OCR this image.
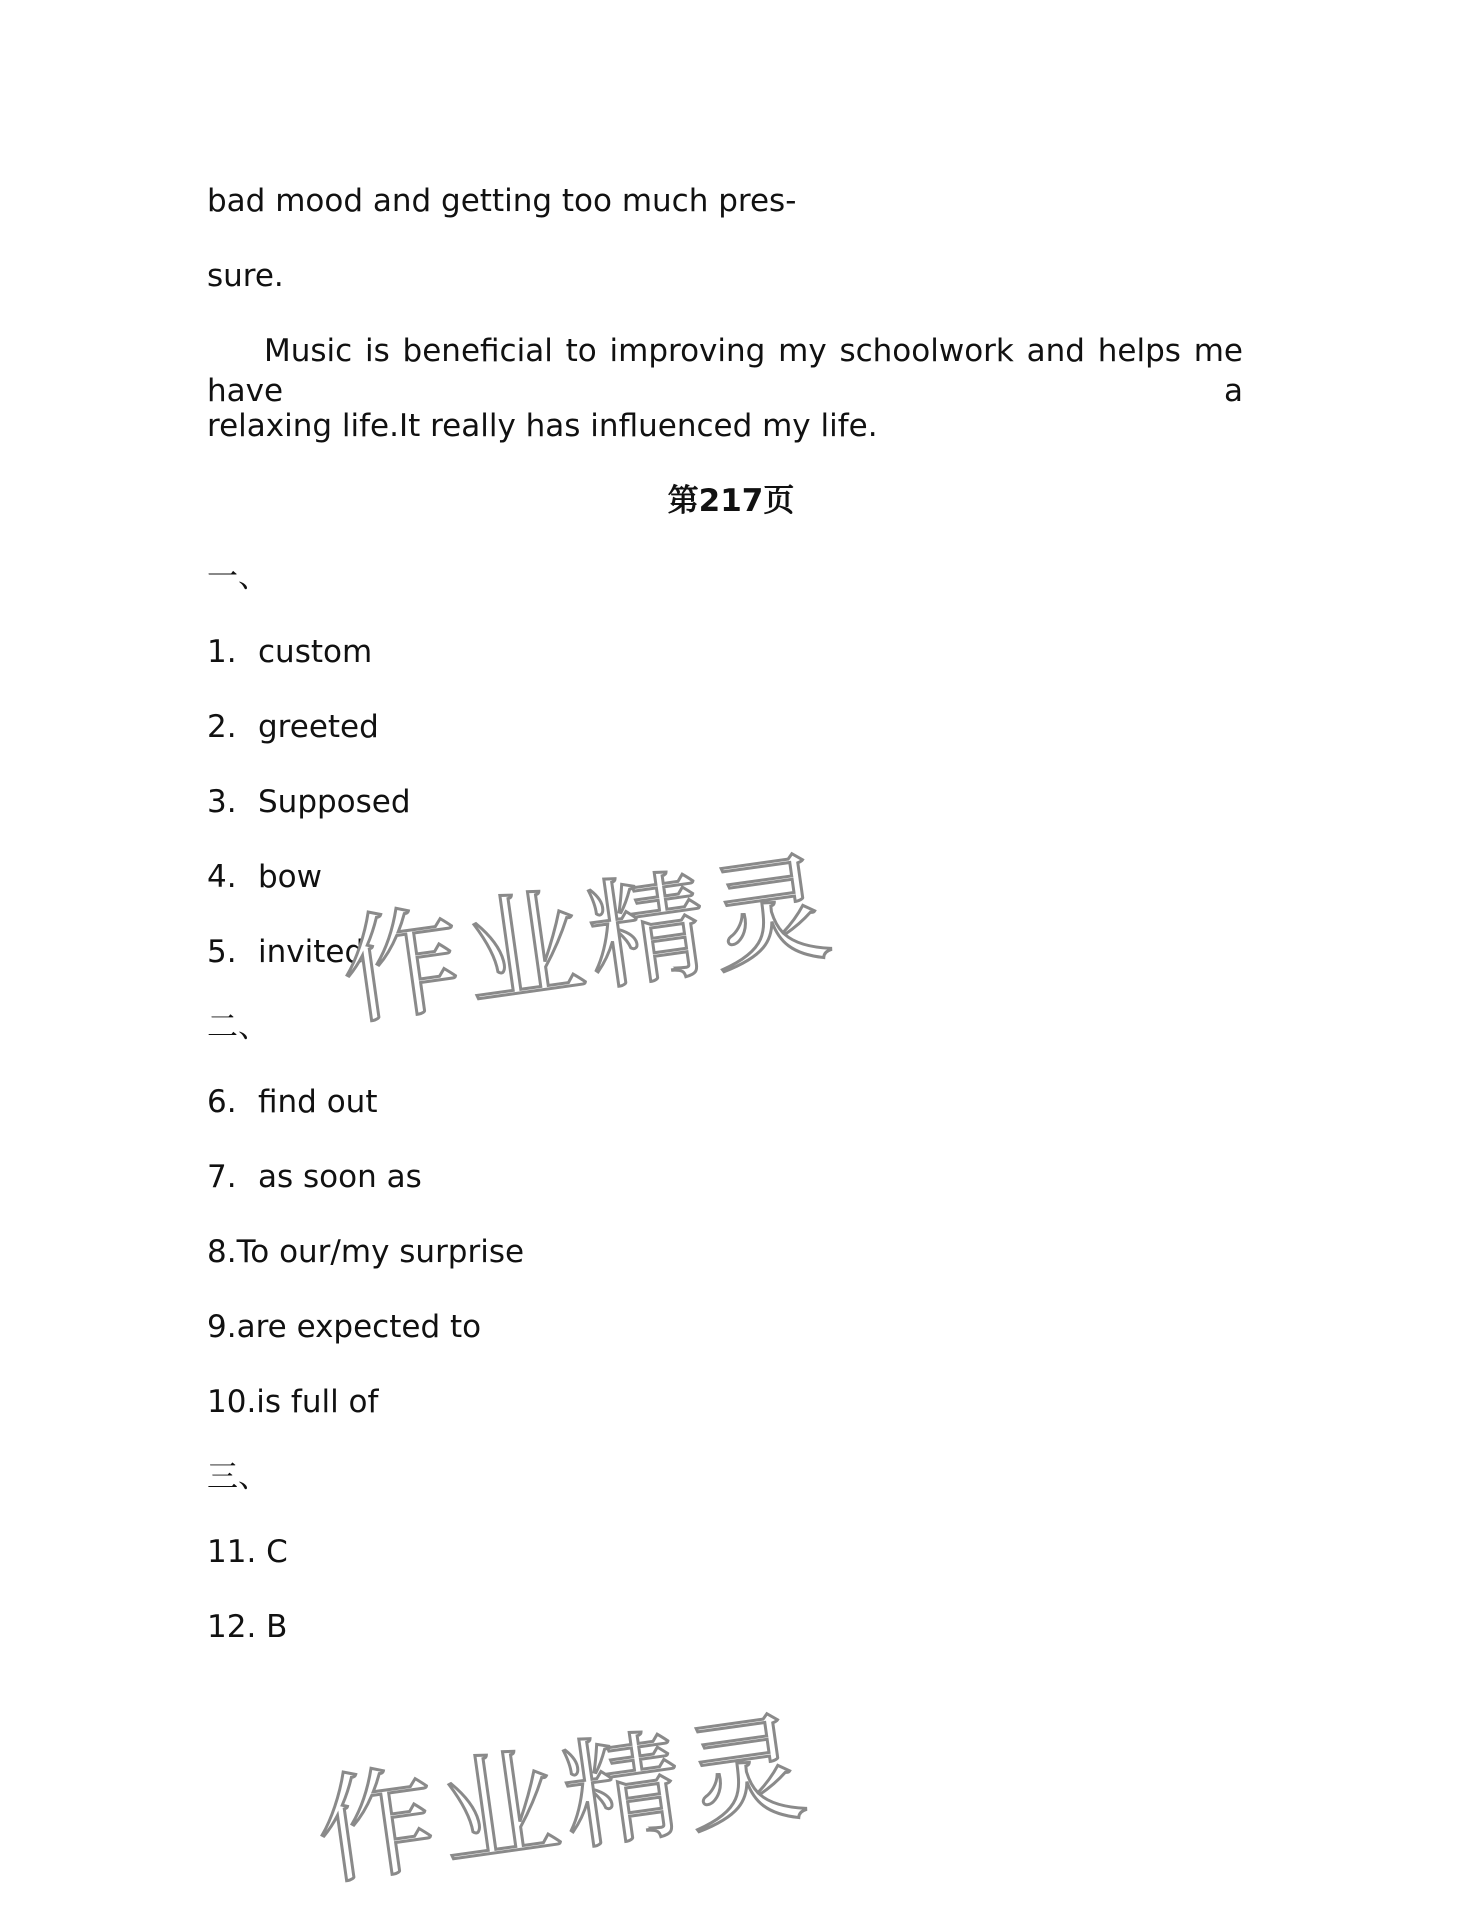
bad mood and getting too much pres-
sure.
Music is beneficial to improving my schoolwork and helps me have a
relaxing life.It really has influenced my life.
第217页
一、
1. custom
2. greeted
3. Supposed
4. bow
5. invited
二、
6. find out
7. as soon as
8.To our/my surprise
9.are expected to
10.is full of
三、
11. C
12. B
作业精灵
作业精灵
